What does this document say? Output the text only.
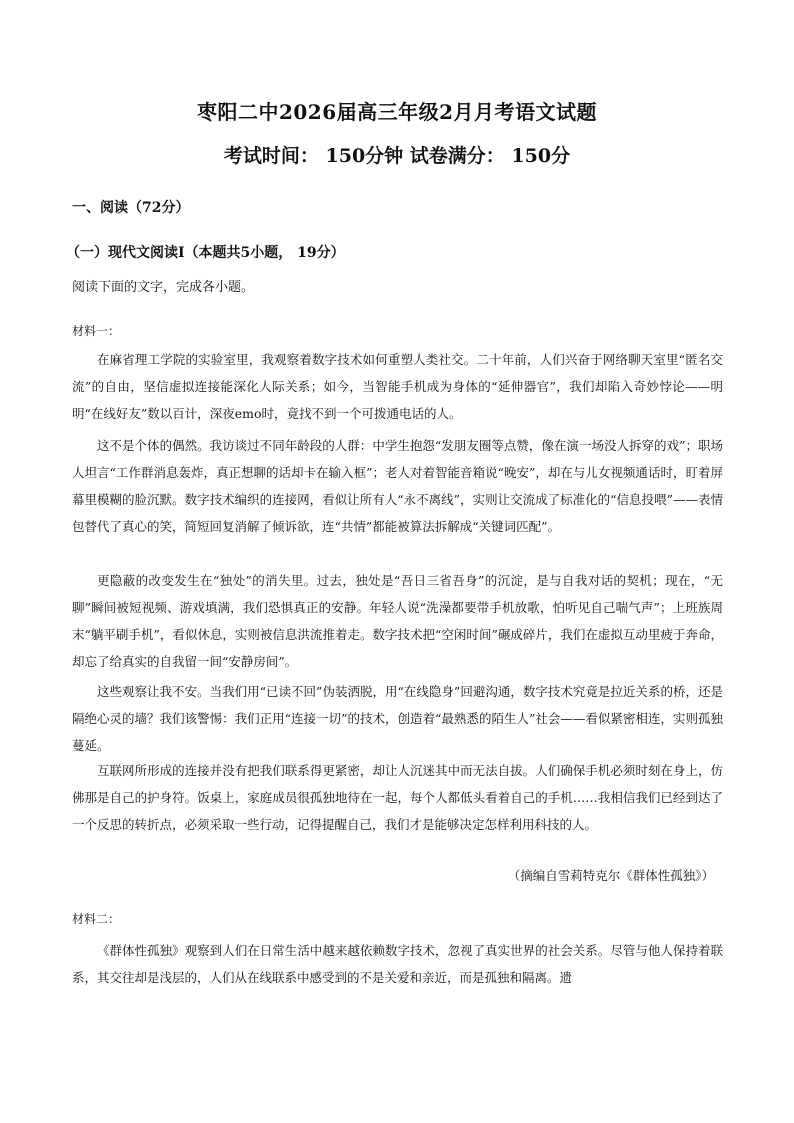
枣阳二中2026届高三年级2月月考语文试题
考试时间： 150分钟 试卷满分： 150分
一、阅读（72分）
（一）现代文阅读Ⅰ（本题共5小题， 19分）
阅读下面的文字，完成各小题。
材料一：

在麻省理工学院的实验室里，我观察着数字技术如何重塑人类社交。二十年前，人们兴奋于网络聊天室里“匿名交流”的自由，坚信虚拟连接能深化人际关系；如今，当智能手机成为身体的“延伸器官”，我们却陷入奇妙悖论——明明“在线好友”数以百计，深夜emo时，竟找不到一个可拨通电话的人。

这不是个体的偶然。我访谈过不同年龄段的人群：中学生抱怨“发朋友圈等点赞，像在演一场没人拆穿的戏”；职场人坦言“工作群消息轰炸，真正想聊的话却卡在输入框”；老人对着智能音箱说“晚安”，却在与儿女视频通话时，盯着屏幕里模糊的脸沉默。数字技术编织的连接网，看似让所有人“永不离线”，实则让交流成了标准化的“信息投喂”——表情包替代了真心的笑，简短回复消解了倾诉欲，连“共情”都能被算法拆解成“关键词匹配”。

更隐蔽的改变发生在“独处”的消失里。过去，独处是“吾日三省吾身”的沉淀，是与自我对话的契机；现在，“无聊”瞬间被短视频、游戏填满，我们恐惧真正的安静。年轻人说“洗澡都要带手机放歌，怕听见自己喘气声”；上班族周末“躺平刷手机”，看似休息，实则被信息洪流推着走。数字技术把“空闲时间”碾成碎片，我们在虚拟互动里疲于奔命，却忘了给真实的自我留一间“安静房间”。

这些观察让我不安。当我们用“已读不回”伪装洒脱，用“在线隐身”回避沟通，数字技术究竟是拉近关系的桥，还是隔绝心灵的墙？我们该警惕：我们正用“连接一切”的技术，创造着“最熟悉的陌生人”社会——看似紧密相连，实则孤独蔓延。

互联网所形成的连接并没有把我们联系得更紧密，却让人沉迷其中而无法自拔。人们确保手机必须时刻在身上，仿佛那是自己的护身符。饭桌上，家庭成员很孤独地待在一起，每个人都低头看着自己的手机……我相信我们已经到达了一个反思的转折点，必须采取一些行动，记得提醒自己，我们才是能够决定怎样利用科技的人。

（摘编自雪莉特克尔《群体性孤独》）
材料二：

《群体性孤独》观察到人们在日常生活中越来越依赖数字技术，忽视了真实世界的社会关系。尽管与他人保持着联系，其交往却是浅层的，人们从在线联系中感受到的不是关爱和亲近，而是孤独和隔离。遗
